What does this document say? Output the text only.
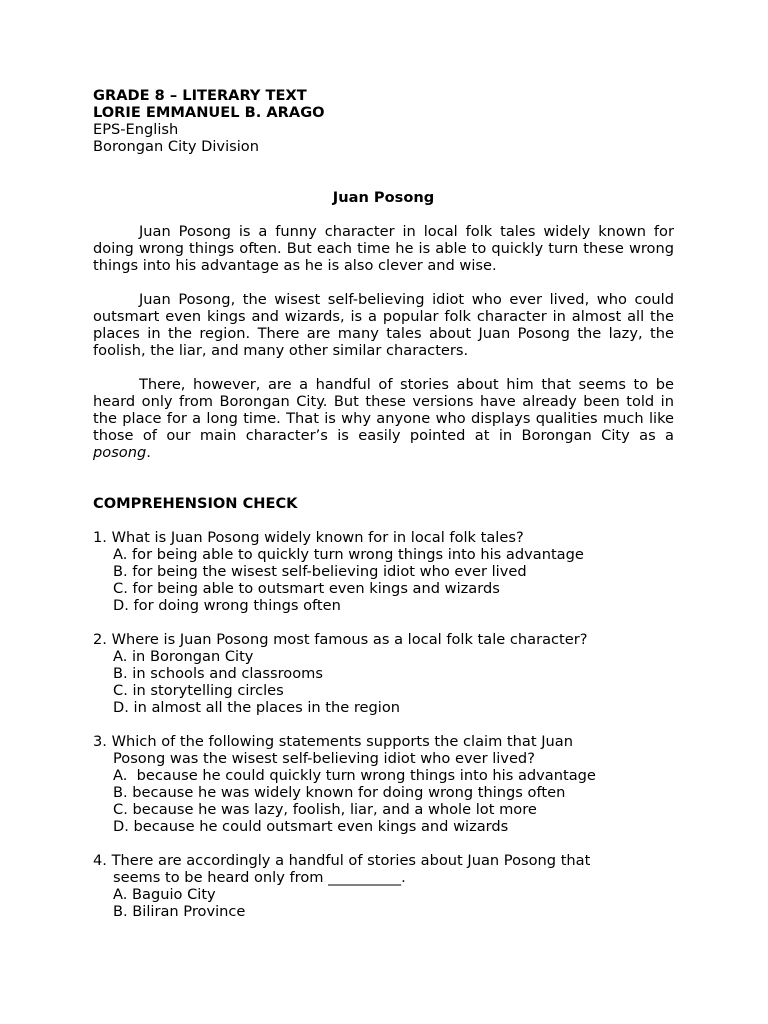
GRADE 8 – LITERARY TEXT
LORIE EMMANUEL B. ARAGO
EPS-English
Borongan City Division
Juan Posong

Juan Posong is a funny character in local folk tales widely known for doing wrong things often. But each time he is able to quickly turn these wrong things into his advantage as he is also clever and wise.

Juan Posong, the wisest self-believing idiot who ever lived, who could outsmart even kings and wizards, is a popular folk character in almost all the places in the region. There are many tales about Juan Posong the lazy, the foolish, the liar, and many other similar characters.

There, however, are a handful of stories about him that seems to be heard only from Borongan City. But these versions have already been told in the place for a long time. That is why anyone who displays qualities much like those of our main character’s is easily pointed at in Borongan City as a posong.

COMPREHENSION CHECK
1. What is Juan Posong widely known for in local folk tales?
A. for being able to quickly turn wrong things into his advantage
B. for being the wisest self-believing idiot who ever lived
C. for being able to outsmart even kings and wizards
D. for doing wrong things often
2. Where is Juan Posong most famous as a local folk tale character?
A. in Borongan City
B. in schools and classrooms
C. in storytelling circles
D. in almost all the places in the region
3. Which of the following statements supports the claim that Juan
Posong was the wisest self-believing idiot who ever lived?
A.  because he could quickly turn wrong things into his advantage
B. because he was widely known for doing wrong things often
C. because he was lazy, foolish, liar, and a whole lot more
D. because he could outsmart even kings and wizards
4. There are accordingly a handful of stories about Juan Posong that
seems to be heard only from __________.
A. Baguio City
B. Biliran Province
